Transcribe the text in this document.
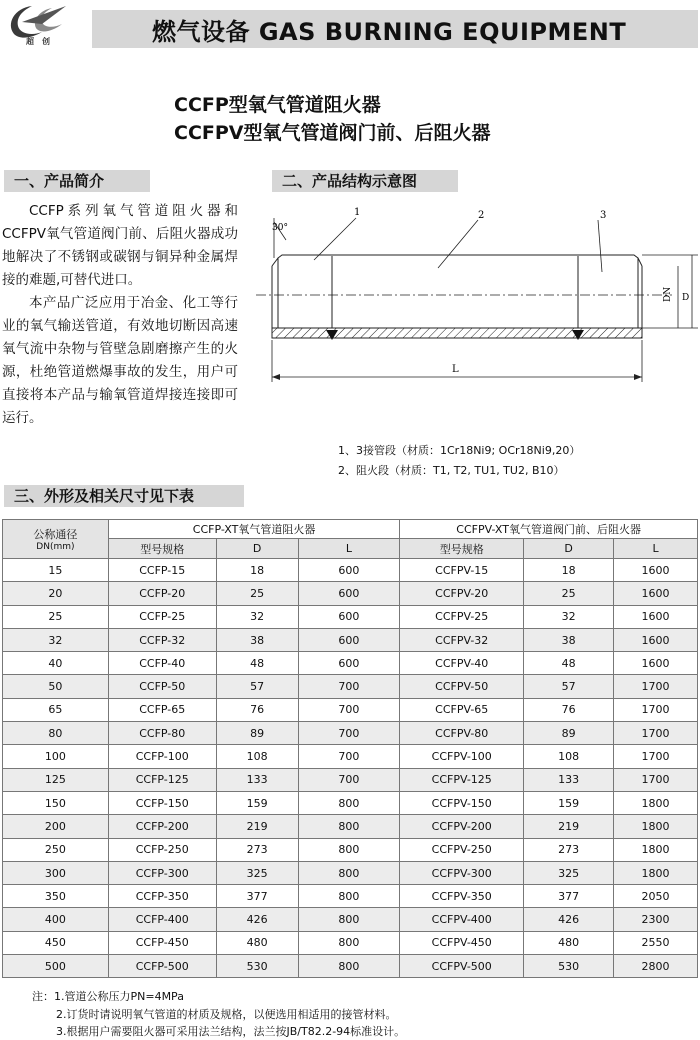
超创	燃气设备 GAS BURNING EQUIPMENT
CCFP型氧气管道阻火器
CCFPV型氧气管道阀门前、后阻火器
一、产品简介	二、产品结构示意图

CCFP系列氧气管道阻火器和CCFPV氧气管道阀门前、后阻火器成功地解决了不锈钢或碳钢与铜异种金属焊接的难题,可替代进口。

本产品广泛应用于冶金、化工等行业的氧气输送管道，有效地切断因高速氧气流中杂物与管壁急剧磨擦产生的火源，杜绝管道燃爆事故的发生，用户可直接将本产品与输氧管道焊接连接即可运行。

30°
1	2	3
DN D
L
1、3接管段（材质：1Cr18Ni9; OCr18Ni9,20）
2、阻火段（材质：T1, T2, TU1, TU2, B10）
三、外形及相关尺寸见下表
公称通径
DN(mm)	CCFP-XT氧气管道阻火器			CCFPV-XT氧气管道阀门前、后阻火器		
	型号规格	D	L	型号规格	D	L
15	CCFP-15	18	600	CCFPV-15	18	1600
20	CCFP-20	25	600	CCFPV-20	25	1600
25	CCFP-25	32	600	CCFPV-25	32	1600
32	CCFP-32	38	600	CCFPV-32	38	1600
40	CCFP-40	48	600	CCFPV-40	48	1600
50	CCFP-50	57	700	CCFPV-50	57	1700
65	CCFP-65	76	700	CCFPV-65	76	1700
80	CCFP-80	89	700	CCFPV-80	89	1700
100	CCFP-100	108	700	CCFPV-100	108	1700
125	CCFP-125	133	700	CCFPV-125	133	1700
150	CCFP-150	159	800	CCFPV-150	159	1800
200	CCFP-200	219	800	CCFPV-200	219	1800
250	CCFP-250	273	800	CCFPV-250	273	1800
300	CCFP-300	325	800	CCFPV-300	325	1800
350	CCFP-350	377	800	CCFPV-350	377	2050
400	CCFP-400	426	800	CCFPV-400	426	2300
450	CCFP-450	480	800	CCFPV-450	480	2550
500	CCFP-500	530	800	CCFPV-500	530	2800
注：1.管道公称压力PN=4MPa
2.订货时请说明氧气管道的材质及规格，以便选用相适用的接管材料。
3.根据用户需要阻火器可采用法兰结构，法兰按JB/T82.2-94标准设计。
